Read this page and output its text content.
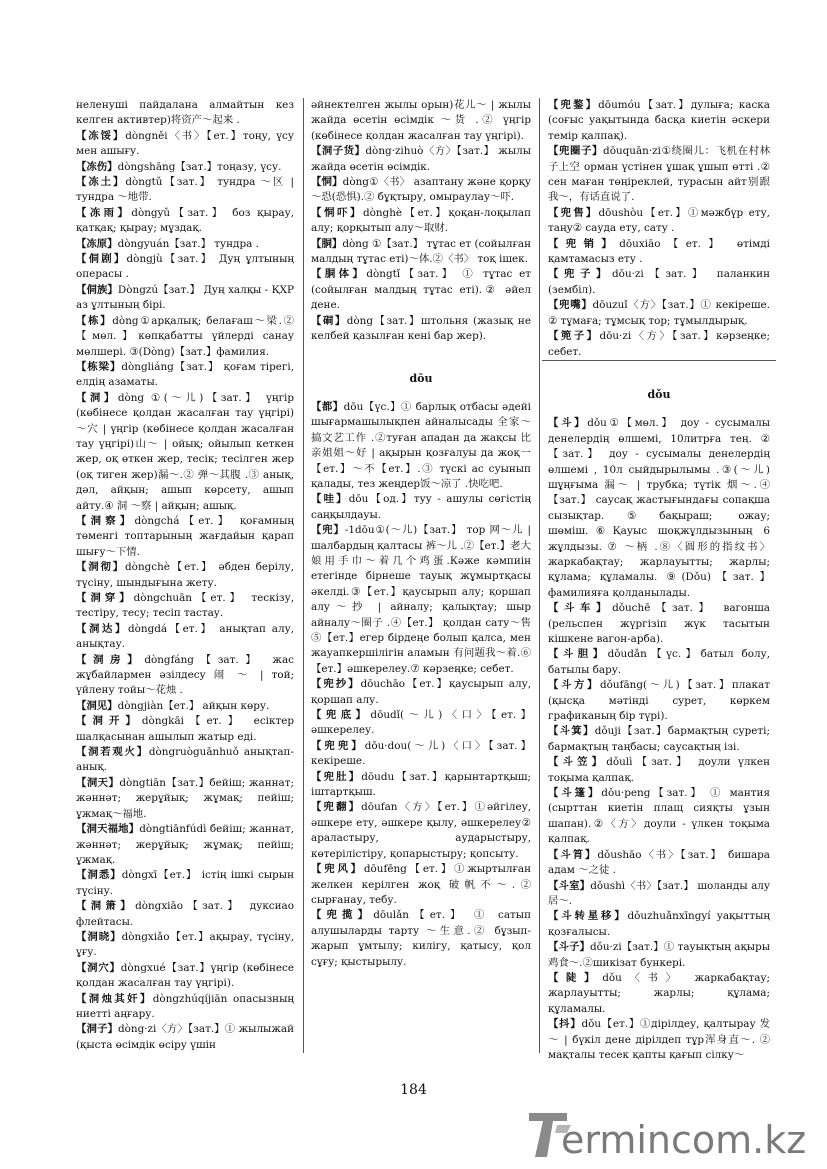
неленуші пайдалана алмайтын кез келген активтер)将资产～起来 .

【冻馁】dòngněi〈书〉【ет.】тоңу, үсу мен ашығу.

【冻伤】dòngshāng【зат.】тоңазу, үсу.

【冻土】dòngtǔ【зат.】 тундра ～区 | тундра ～地带.

【冻雨】dòngyǔ【зат.】 боз қырау, қатқақ; қырау; мұздақ.

【冻原】dòngyuán【зат.】 тундра .

【侗剧】dòngjù【зат.】 Дуң ұлтының операсы .

【侗族】Dòngzú【зат.】 Дуң халқы - ҚХР аз ұлтының бірі.

【栋】dòng①арқалық; белағаш～梁.②【мөл.】көпқабатты үйлерді санау мөлшері. ③(Dòng)【зат.】фамилия.

【栋梁】dòngliáng【зат.】 қоғам тірегі, елдің азаматы.

【洞】dòng ①(～儿)【зат.】 үңгір (көбінесе қолдан жасалған тау үңгірі)～穴 | үңгір (көбінесе қолдан жасалған тау үңгірі)山～ | ойық; ойылып кеткен жер, оқ өткен жер, тесік; тесілген жер (оқ тиген жер)漏～.② 弹～其腹 .③ анық, дәл, айқын; ашып көрсету, ашып айту.④ 洞 ～察 | айқын; ашық.

【洞察】dòngchá【ет.】 қоғамның төменгі топтарының жағдайын қарап шығу～下情.

【洞彻】dòngchè【ет.】 әбден берілу, түсіну, шындығына жету.

【洞穿】dòngchuān【ет.】 тескізу, тестіру, тесу; тесіп тастау.

【洞达】dòngdá【ет.】 анықтап алу, анықтау.

【洞房】dòngfáng【зат.】 жас жұбайлармен әзілдесу 闹 ～ | той; үйлену тойы～花烛 .

【洞见】dòngjiàn【ет.】 айқын көру.

【洞开】dòngkāi【ет.】 есіктер шалқасынан ашылып жатыр еді.

【洞若观火】dòngruòguānhuǒ анықтап-анық.

【洞天】dòngtiān【зат.】бейіш; жаннат; жәннәт; жерұйық; жұмақ; пейіш; ұжмақ～福地.

【洞天福地】dòngtiānfúdì бейіш; жаннат, жәннәт; жерұйық; жұмақ; пейіш; ұжмақ.

【洞悉】dòngxī【ет.】 істің ішкі сырын түсіну.

【洞箫】dòngxiāo【зат.】 дуксиао флейтасы.

【洞晓】dòngxiǎo【ет.】ақырау, түсіну, ұғу.

【洞穴】dòngxué【зат.】үңгір (көбінесе қолдан жасалған тау үңгірі).

【洞烛其奸】dòngzhúqíjiān опасызның ниетті аңғару.

【洞子】dòng·zi〈方〉【зат.】① жылыжай (қыста өсімдік өсіру үшін

әйнектелген жылы орын)花儿～ | жылы жайда өсетін өсімдік ～货 .② үңгір (көбінесе қолдан жасалған тау үңгірі).

【洞子货】dòng·zihuò〈方〉【зат.】 жылы жайда өсетін өсімдік.

【恫】dòng①〈书〉 азаптану және қорқу ～恐(恐惧).② бұқтыру, омыраулау～吓.

【恫吓】dònghè【ет.】қоқан-лоқылап алу; қорқытып алу～取财.

【胴】dòng ①【зат.】 тұтас ет (сойылған малдың тұтас еті)～体.②〈书〉 тоқ ішек.

【胴体】dòngtǐ【зат.】 ① тұтас ет (сойылған малдың тұтас еті).② әйел дене.

【硐】dòng【зат.】штольня (жазық не келбей қазылған кені бар жер).

dōu

【都】dōu【үс.】① барлық отбасы әдейі шығармашылықпен айналысады 全家～搞文艺工作 .②туған ападан да жақсы 比亲姐姐～好 | ақырын қозғалуы да жоқ一【ет.】～不【ет.】.③ түскі ас суынып қалады, тез жеңдер饭～凉了 .快吃吧.

【哇】dōu【од.】туу - ашулы сөгістің саңқылдауы.

【兜】-1dōu①(～儿)【зат.】 тор 网～儿 | шалбардың қалтасы 裤～儿 .②【ет.】老大娘用手巾～着几个鸡蛋.Кәже кәмпиін етегінде бірнеше тауық жұмыртқасы әкелді.③【ет.】қаусырып алу; қоршап алу～抄 | айналу; қалықтау; шыр айналу～圈子 .④【ет.】 қолдан сату～售 ⑤【ет.】егер бірдеңе болып қалса, мен жауапкершілігін аламын 有问题我～着.⑥【ет.】әшкерелеу.⑦ кәрзеңке; себет.

【兜抄】dōuchāo【ет.】қаусырып алу, қоршап алу.

【兜底】dōudǐ(～儿)〈口〉【ет.】 әшкерелеу.

【兜兜】dōu·dou(～儿)〈口〉【зат.】кекіреше.

【兜肚】dōudu【зат.】қарынтартқыш; іштартқыш.

【兜翻】dōufan〈方〉【ет.】①әйгілеу, әшкере ету, әшкере қылу, әшкерелеу② араластыру, аударыстыру, көтерілістіру, қопарыстыру; қопсыту.

【兜风】dōufēng【ет.】①жыртылған желкен керілген жоқ 破帆不～.② сырғанау, тебу.

【兜揽】dōulǎn【ет.】 ① сатып алушыларды тарту ～生意.② бұзып-жарып ұмтылу; килігу, қатысу, қол сұғу; қыстырылу.

【兜鍪】dōumóu【зат.】дулыға; каска (соғыс уақытында басқа киетін әскери темір қалпақ).

【兜圈子】dōuquān·zi①绕圈儿：飞机在村林子上空 орман үстінен ұшақ ұшып өтті .② сен маған төңіреклей, турасын айт别跟我～，有话直说了.

【兜售】dōushòu【ет.】①мәжбүр ету, таңу② сауда ету, сату .

【兜销】dōuxiāo【ет.】 өтімді қамтамасыз ету .

【兜子】dōu·zi【зат.】 паланкин (зембіл).

【兜嘴】dōuzuǐ〈方〉【зат.】① кекіреше. ② тұмаға; тұмсық тор; тұмылдырық.

【篼子】dōu·zi〈方〉【зат.】кәрзеңке; себет.

dǒu

【斗】dǒu①【мөл.】 доу - сусымалы денелердің өлшемі, 10литрға тең. ②【зат.】 доу - сусымалы денелердің өлшемі , 10л сыйдырылымы .③(～儿) шұңғыма 漏～ | трубка; түтік 烟～.④【зат.】 саусақ жастығындағы сопақша сызықтар.⑤бақыраш; ожау; шөміш.⑥Қауыс шоқжұлдызының 6 жұлдызы. ⑦ ～柄 .⑧〈圆形的指纹书〉 жаркабақтау; жарлауытты; жарлы; құлама; құламалы. ⑨(Dǒu)【зат.】 фамилияға қолданылады.

【斗车】dǒuchē【зат.】 вагонша (рельспен жүргізіп жүк тасытын кішкене вагон-арба).

【斗胆】dǒudǎn【үс.】батыл болу, батылы бару.

【斗方】dǒufāng(～儿)【зат.】плакат (қысқа мәтінді сурет, көркем графиканың бір түрі).

【斗箕】dǒuji【зат.】бармақтың суреті; бармақтың таңбасы; саусақтың ізі.

【斗笠】dǒulì【зат.】 доули үлкен тоқыма қалпақ.

【斗篷】dǒu·peng【зат.】 ① мантия (сырттан киетін плащ сияқты ұзын шапан).②〈方〉доули - үлкен тоқыма қалпақ.

【斗筲】dǒushāo〈书〉【зат.】 бишара адам ～之徒 .

【斗室】dǒushì〈书〉【зат.】 шоланды алу 居～.

【斗转星移】dǒuzhuǎnxīngyí уақыттың қозғалысы.

【斗子】dǒu·zi【зат.】① тауықтың ақыры 鸡食～.②шикізат бункері.

【陡】dǒu〈书〉 жаркабақтау; жарлауытты; жарлы; құлама; құламалы.

【抖】dǒu【ет.】①дірілдеу, қалтырау 发～ | бүкіл дене дірілдеп тұр浑身直～. ② мақталы тесек қапты қағып сілку～

184
ermincom.kz
